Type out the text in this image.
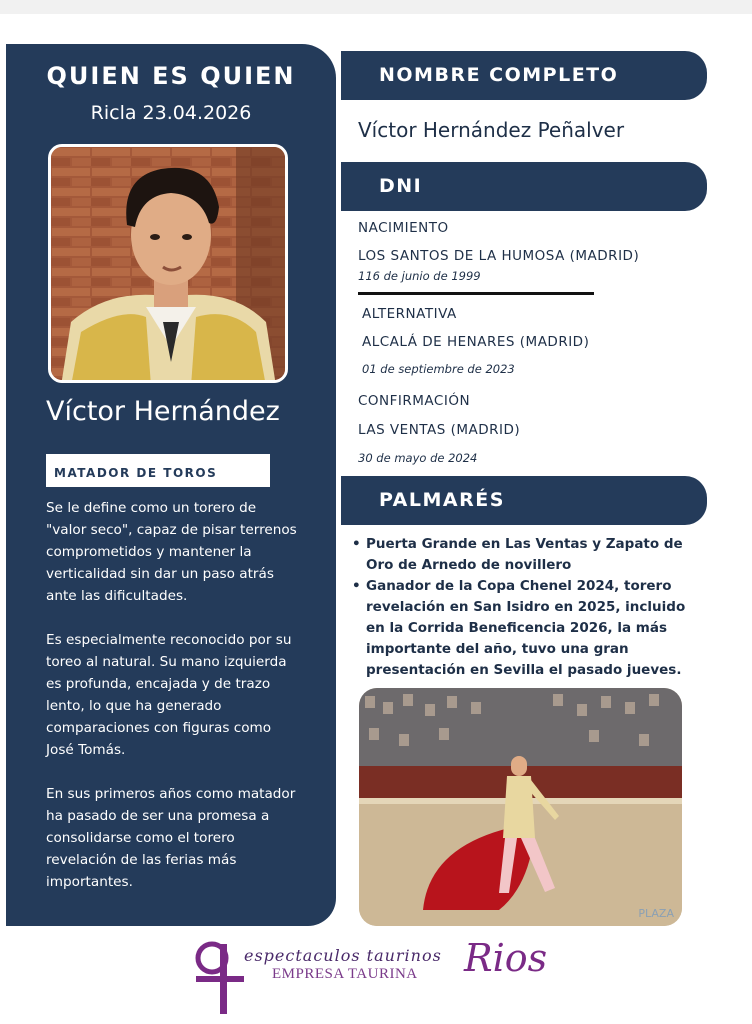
QUIEN ES QUIEN
Ricla 23.04.2026
Víctor Hernández
MATADOR DE TOROS

Se le define como un torero de "valor seco", capaz de pisar terrenos comprometidos y mantener la verticalidad sin dar un paso atrás ante las dificultades.

Es especialmente reconocido por su toreo al natural. Su mano izquierda es profunda, encajada y de trazo lento, lo que ha generado comparaciones con figuras como José Tomás.

En sus primeros años como matador ha pasado de ser una promesa a consolidarse como el torero revelación de las ferias más importantes.

NOMBRE COMPLETO
Víctor Hernández Peñalver
DNI
NACIMIENTO
LOS SANTOS DE LA HUMOSA (MADRID)
116 de junio de 1999
ALTERNATIVA
ALCALÁ DE HENARES (MADRID)
01 de septiembre de 2023
CONFIRMACIÓN
LAS VENTAS (MADRID)
30 de mayo de 2024
PALMARÉS
• Puerta Grande en Las Ventas y Zapato de Oro de Arnedo de novillero
• Ganador de la Copa Chenel 2024, torero revelación en San Isidro en 2025, incluido en la Corrida Beneficencia 2026, la más importante del año, tuvo una gran presentación en Sevilla el pasado jueves.
PLAZA
espectaculos taurinos
EMPRESA TAURINA Rios
